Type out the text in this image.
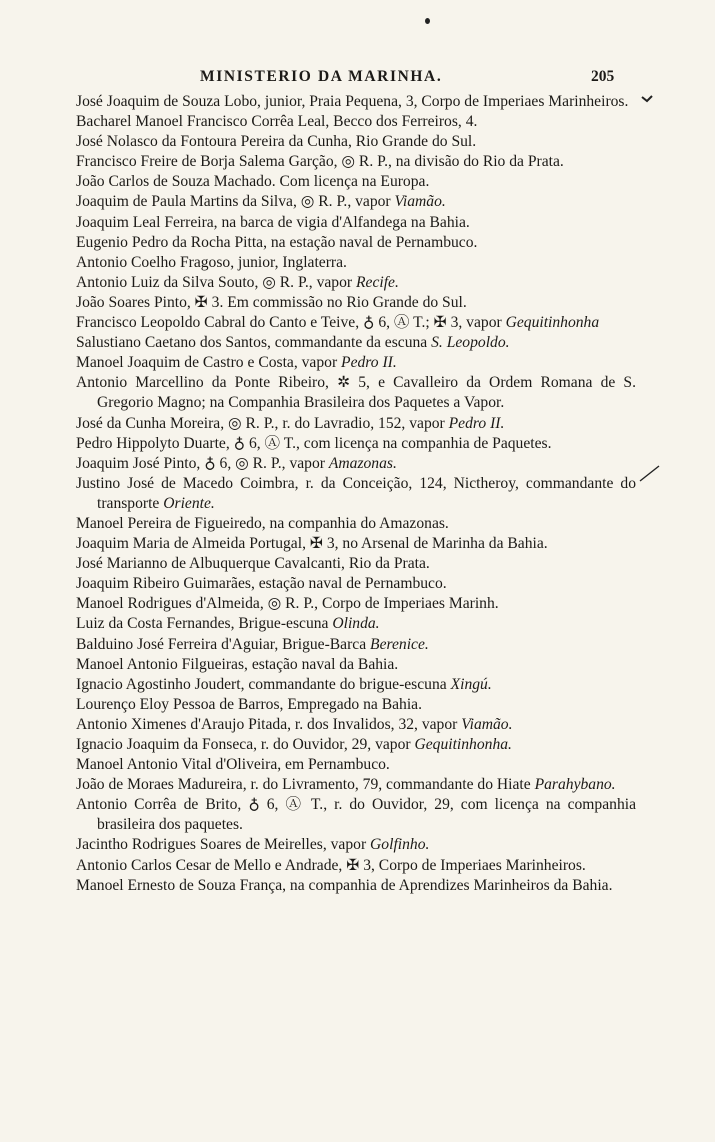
MINISTERIO DA MARINHA.	205
José Joaquim de Souza Lobo, junior, Praia Pequena, 3, Corpo de Imperiaes Marinheiros.
Bacharel Manoel Francisco Corrêa Leal, Becco dos Ferreiros, 4.
José Nolasco da Fontoura Pereira da Cunha, Rio Grande do Sul.
Francisco Freire de Borja Salema Garção, ◎ R. P., na divisão do Rio da Prata.
João Carlos de Souza Machado. Com licença na Europa.
Joaquim de Paula Martins da Silva, ◎ R. P., vapor Viamão.
Joaquim Leal Ferreira, na barca de vigia d'Alfandega na Bahia.
Eugenio Pedro da Rocha Pitta, na estação naval de Pernambuco.
Antonio Coelho Fragoso, junior, Inglaterra.
Antonio Luiz da Silva Souto, ◎ R. P., vapor Recife.
João Soares Pinto, ✠ 3. Em commissão no Rio Grande do Sul.
Francisco Leopoldo Cabral do Canto e Teive, ♁ 6, Ⓐ T.; ✠ 3, vapor Gequitinhonha
Salustiano Caetano dos Santos, commandante da escuna S. Leopoldo.
Manoel Joaquim de Castro e Costa, vapor Pedro II.
Antonio Marcellino da Ponte Ribeiro, ✲ 5, e Cavalleiro da Ordem Romana de S. Gregorio Magno; na Companhia Brasileira dos Paquetes a Vapor.
José da Cunha Moreira, ◎ R. P., r. do Lavradio, 152, vapor Pedro II.
Pedro Hippolyto Duarte, ♁ 6, Ⓐ T., com licença na companhia de Paquetes.
Joaquim José Pinto, ♁ 6, ◎ R. P., vapor Amazonas.
Justino José de Macedo Coimbra, r. da Conceição, 124, Nictheroy, commandante do transporte Oriente.
Manoel Pereira de Figueiredo, na companhia do Amazonas.
Joaquim Maria de Almeida Portugal, ✠ 3, no Arsenal de Marinha da Bahia.
José Marianno de Albuquerque Cavalcanti, Rio da Prata.
Joaquim Ribeiro Guimarães, estação naval de Pernambuco.
Manoel Rodrigues d'Almeida, ◎ R. P., Corpo de Imperiaes Marinh.
Luiz da Costa Fernandes, Brigue-escuna Olinda.
Balduino José Ferreira d'Aguiar, Brigue-Barca Berenice.
Manoel Antonio Filgueiras, estação naval da Bahia.
Ignacio Agostinho Joudert, commandante do brigue-escuna Xingú.
Lourenço Eloy Pessoa de Barros, Empregado na Bahia.
Antonio Ximenes d'Araujo Pitada, r. dos Invalidos, 32, vapor Viamão.
Ignacio Joaquim da Fonseca, r. do Ouvidor, 29, vapor Gequitinhonha.
Manoel Antonio Vital d'Oliveira, em Pernambuco.
João de Moraes Madureira, r. do Livramento, 79, commandante do Hiate Parahybano.
Antonio Corrêa de Brito, ♁ 6, Ⓐ T., r. do Ouvidor, 29, com licença na companhia brasileira dos paquetes.
Jacintho Rodrigues Soares de Meirelles, vapor Golfinho.
Antonio Carlos Cesar de Mello e Andrade, ✠ 3, Corpo de Imperiaes Marinheiros.
Manoel Ernesto de Souza França, na companhia de Aprendizes Marinheiros da Bahia.
